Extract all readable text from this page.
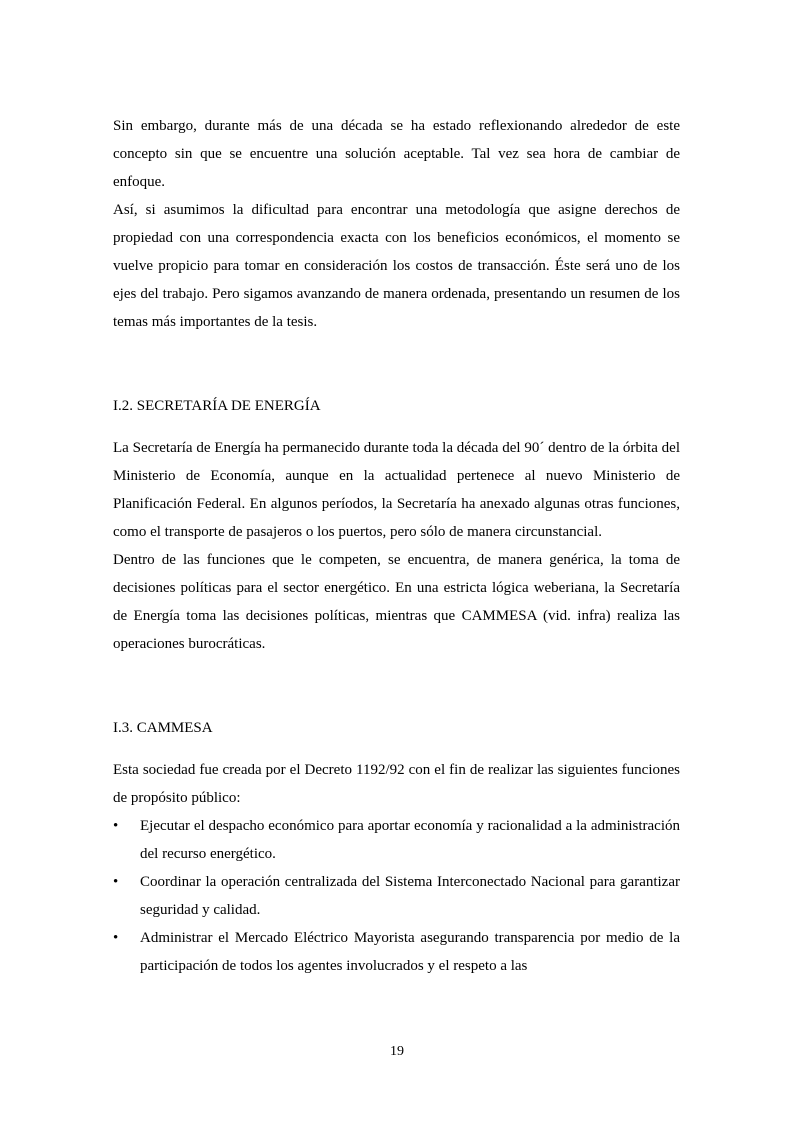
Sin embargo, durante más de una década se ha estado reflexionando alrededor de este concepto sin que se encuentre una solución aceptable. Tal vez sea hora de cambiar de enfoque.

Así, si asumimos la dificultad para encontrar una metodología que asigne derechos de propiedad con una correspondencia exacta con los beneficios económicos, el momento se vuelve propicio para tomar en consideración los costos de transacción. Éste será uno de los ejes del trabajo. Pero sigamos avanzando de manera ordenada, presentando un resumen de los temas más importantes de la tesis.

I.2. SECRETARÍA DE ENERGÍA

La Secretaría de Energía ha permanecido durante toda la década del 90´ dentro de la órbita del Ministerio de Economía, aunque en la actualidad pertenece al nuevo Ministerio de Planificación Federal. En algunos períodos, la Secretaría ha anexado algunas otras funciones, como el transporte de pasajeros o los puertos, pero sólo de manera circunstancial.

Dentro de las funciones que le competen, se encuentra, de manera genérica, la toma de decisiones políticas para el sector energético. En una estricta lógica weberiana, la Secretaría de Energía toma las decisiones políticas, mientras que CAMMESA (vid. infra) realiza las operaciones burocráticas.

I.3. CAMMESA

Esta sociedad fue creada por el Decreto 1192/92 con el fin de realizar las siguientes funciones de propósito público:

•	Ejecutar el despacho económico para aportar economía y racionalidad a la administración del recurso energético.
•	Coordinar la operación centralizada del Sistema Interconectado Nacional para garantizar seguridad y calidad.
•	Administrar el Mercado Eléctrico Mayorista asegurando transparencia por medio de la participación de todos los agentes involucrados y el respeto a las
19
